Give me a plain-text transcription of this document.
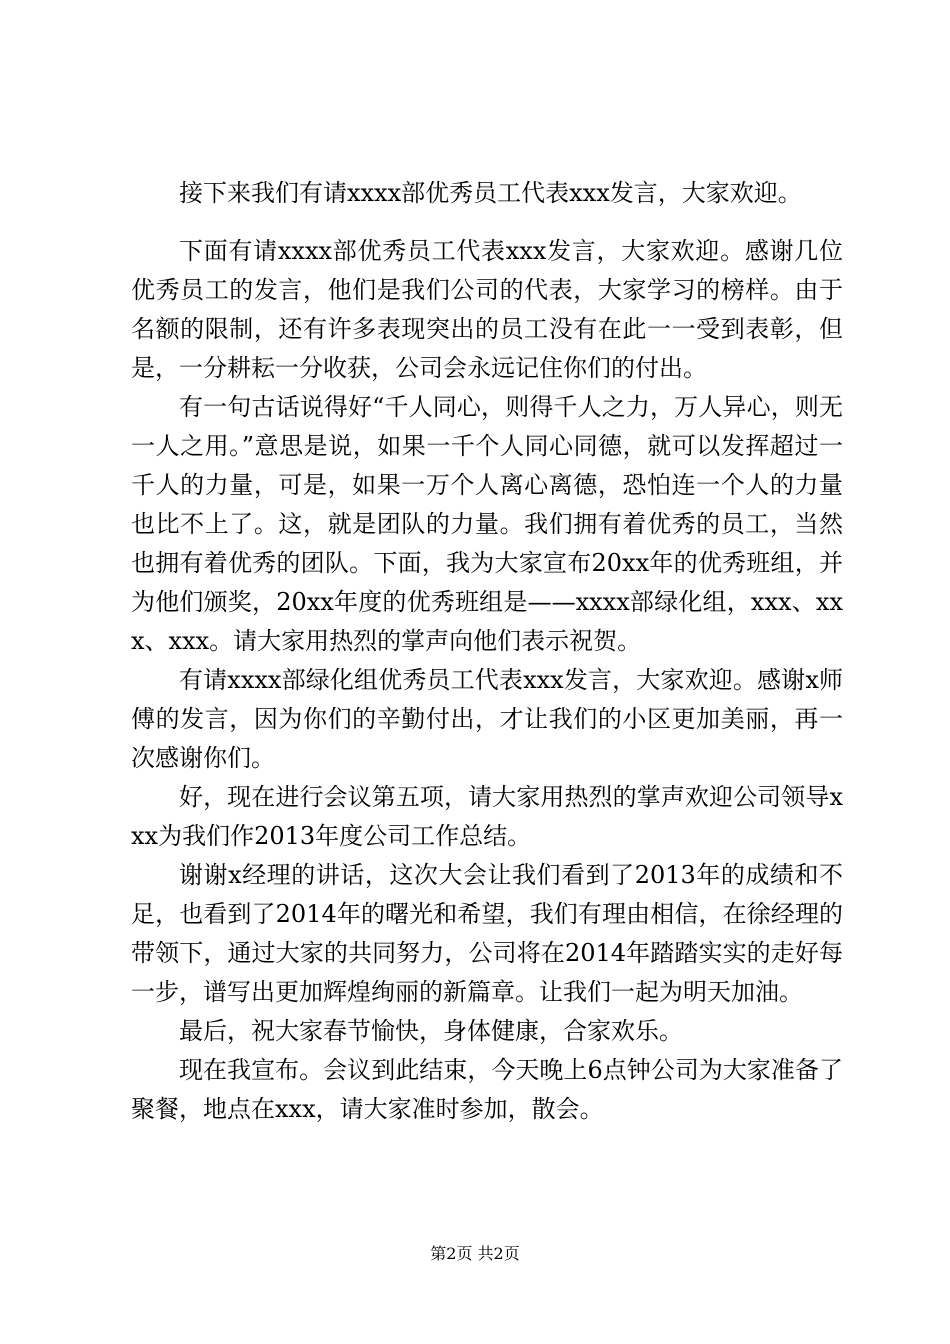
接下来我们有请xxxx部优秀员工代表xxx发言，大家欢迎。

下面有请xxxx部优秀员工代表xxx发言，大家欢迎。感谢几位优秀员工的发言，他们是我们公司的代表，大家学习的榜样。由于名额的限制，还有许多表现突出的员工没有在此一一受到表彰，但是，一分耕耘一分收获，公司会永远记住你们的付出。

有一句古话说得好“千人同心，则得千人之力，万人异心，则无一人之用。”意思是说，如果一千个人同心同德，就可以发挥超过一千人的力量，可是，如果一万个人离心离德，恐怕连一个人的力量也比不上了。这，就是团队的力量。我们拥有着优秀的员工，当然也拥有着优秀的团队。下面，我为大家宣布20xx年的优秀班组，并为他们颁奖，20xx年度的优秀班组是——xxxx部绿化组，xxx、xxx、xxx。请大家用热烈的掌声向他们表示祝贺。

有请xxxx部绿化组优秀员工代表xxx发言，大家欢迎。感谢x师傅的发言，因为你们的辛勤付出，才让我们的小区更加美丽，再一次感谢你们。

好，现在进行会议第五项，请大家用热烈的掌声欢迎公司领导xxx为我们作2013年度公司工作总结。

谢谢x经理的讲话，这次大会让我们看到了2013年的成绩和不足，也看到了2014年的曙光和希望，我们有理由相信，在徐经理的带领下，通过大家的共同努力，公司将在2014年踏踏实实的走好每一步，谱写出更加辉煌绚丽的新篇章。让我们一起为明天加油。

最后，祝大家春节愉快，身体健康，合家欢乐。

现在我宣布。会议到此结束，今天晚上6点钟公司为大家准备了聚餐，地点在xxx，请大家准时参加，散会。

第2页 共2页
